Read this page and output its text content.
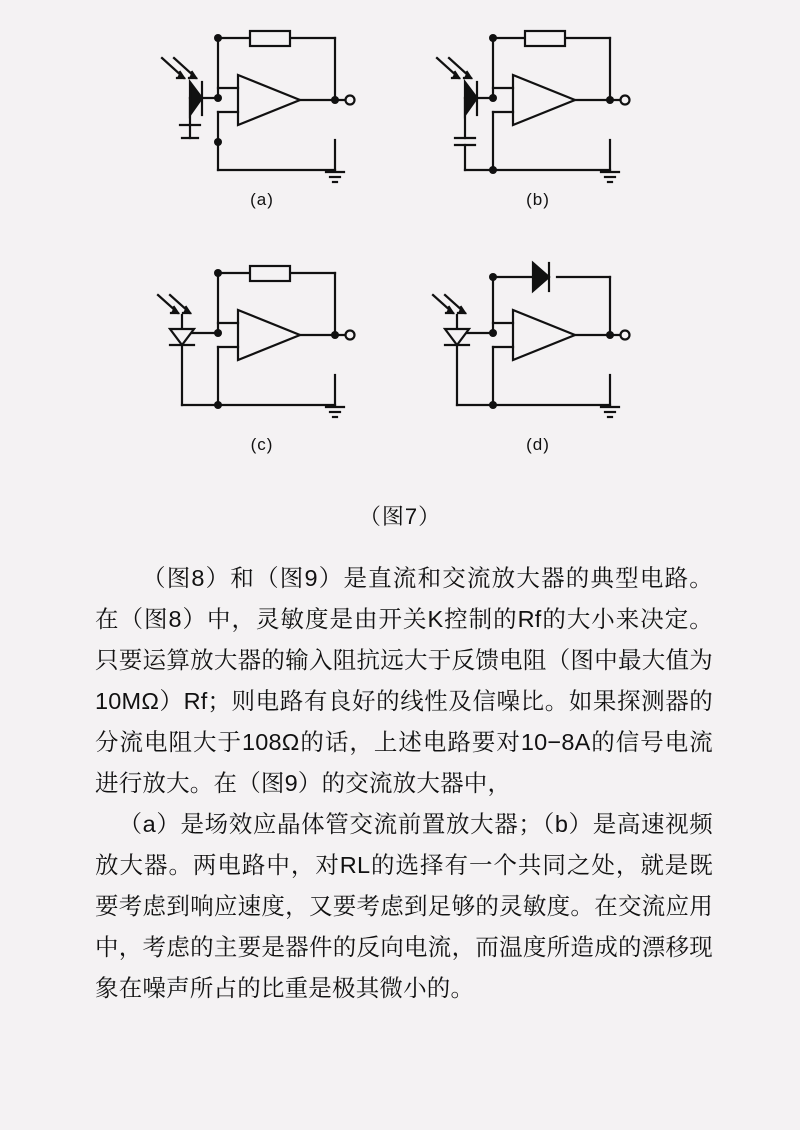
(a)	(b)
(c)	(d)
（图7）

（图8）和（图9）是直流和交流放大器的典型电路。在（图8）中，灵敏度是由开关K控制的Rf的大小来决定。只要运算放大器的输入阻抗远大于反馈电阻（图中最大值为10MΩ）Rf；则电路有良好的线性及信噪比。如果探测器的分流电阻大于108Ω的话，上述电路要对10−8A的信号电流进行放大。在（图9）的交流放大器中，

（a）是场效应晶体管交流前置放大器；（b）是高速视频放大器。两电路中，对RL的选择有一个共同之处，就是既要考虑到响应速度，又要考虑到足够的灵敏度。在交流应用中，考虑的主要是器件的反向电流，而温度所造成的漂移现象在噪声所占的比重是极其微小的。
